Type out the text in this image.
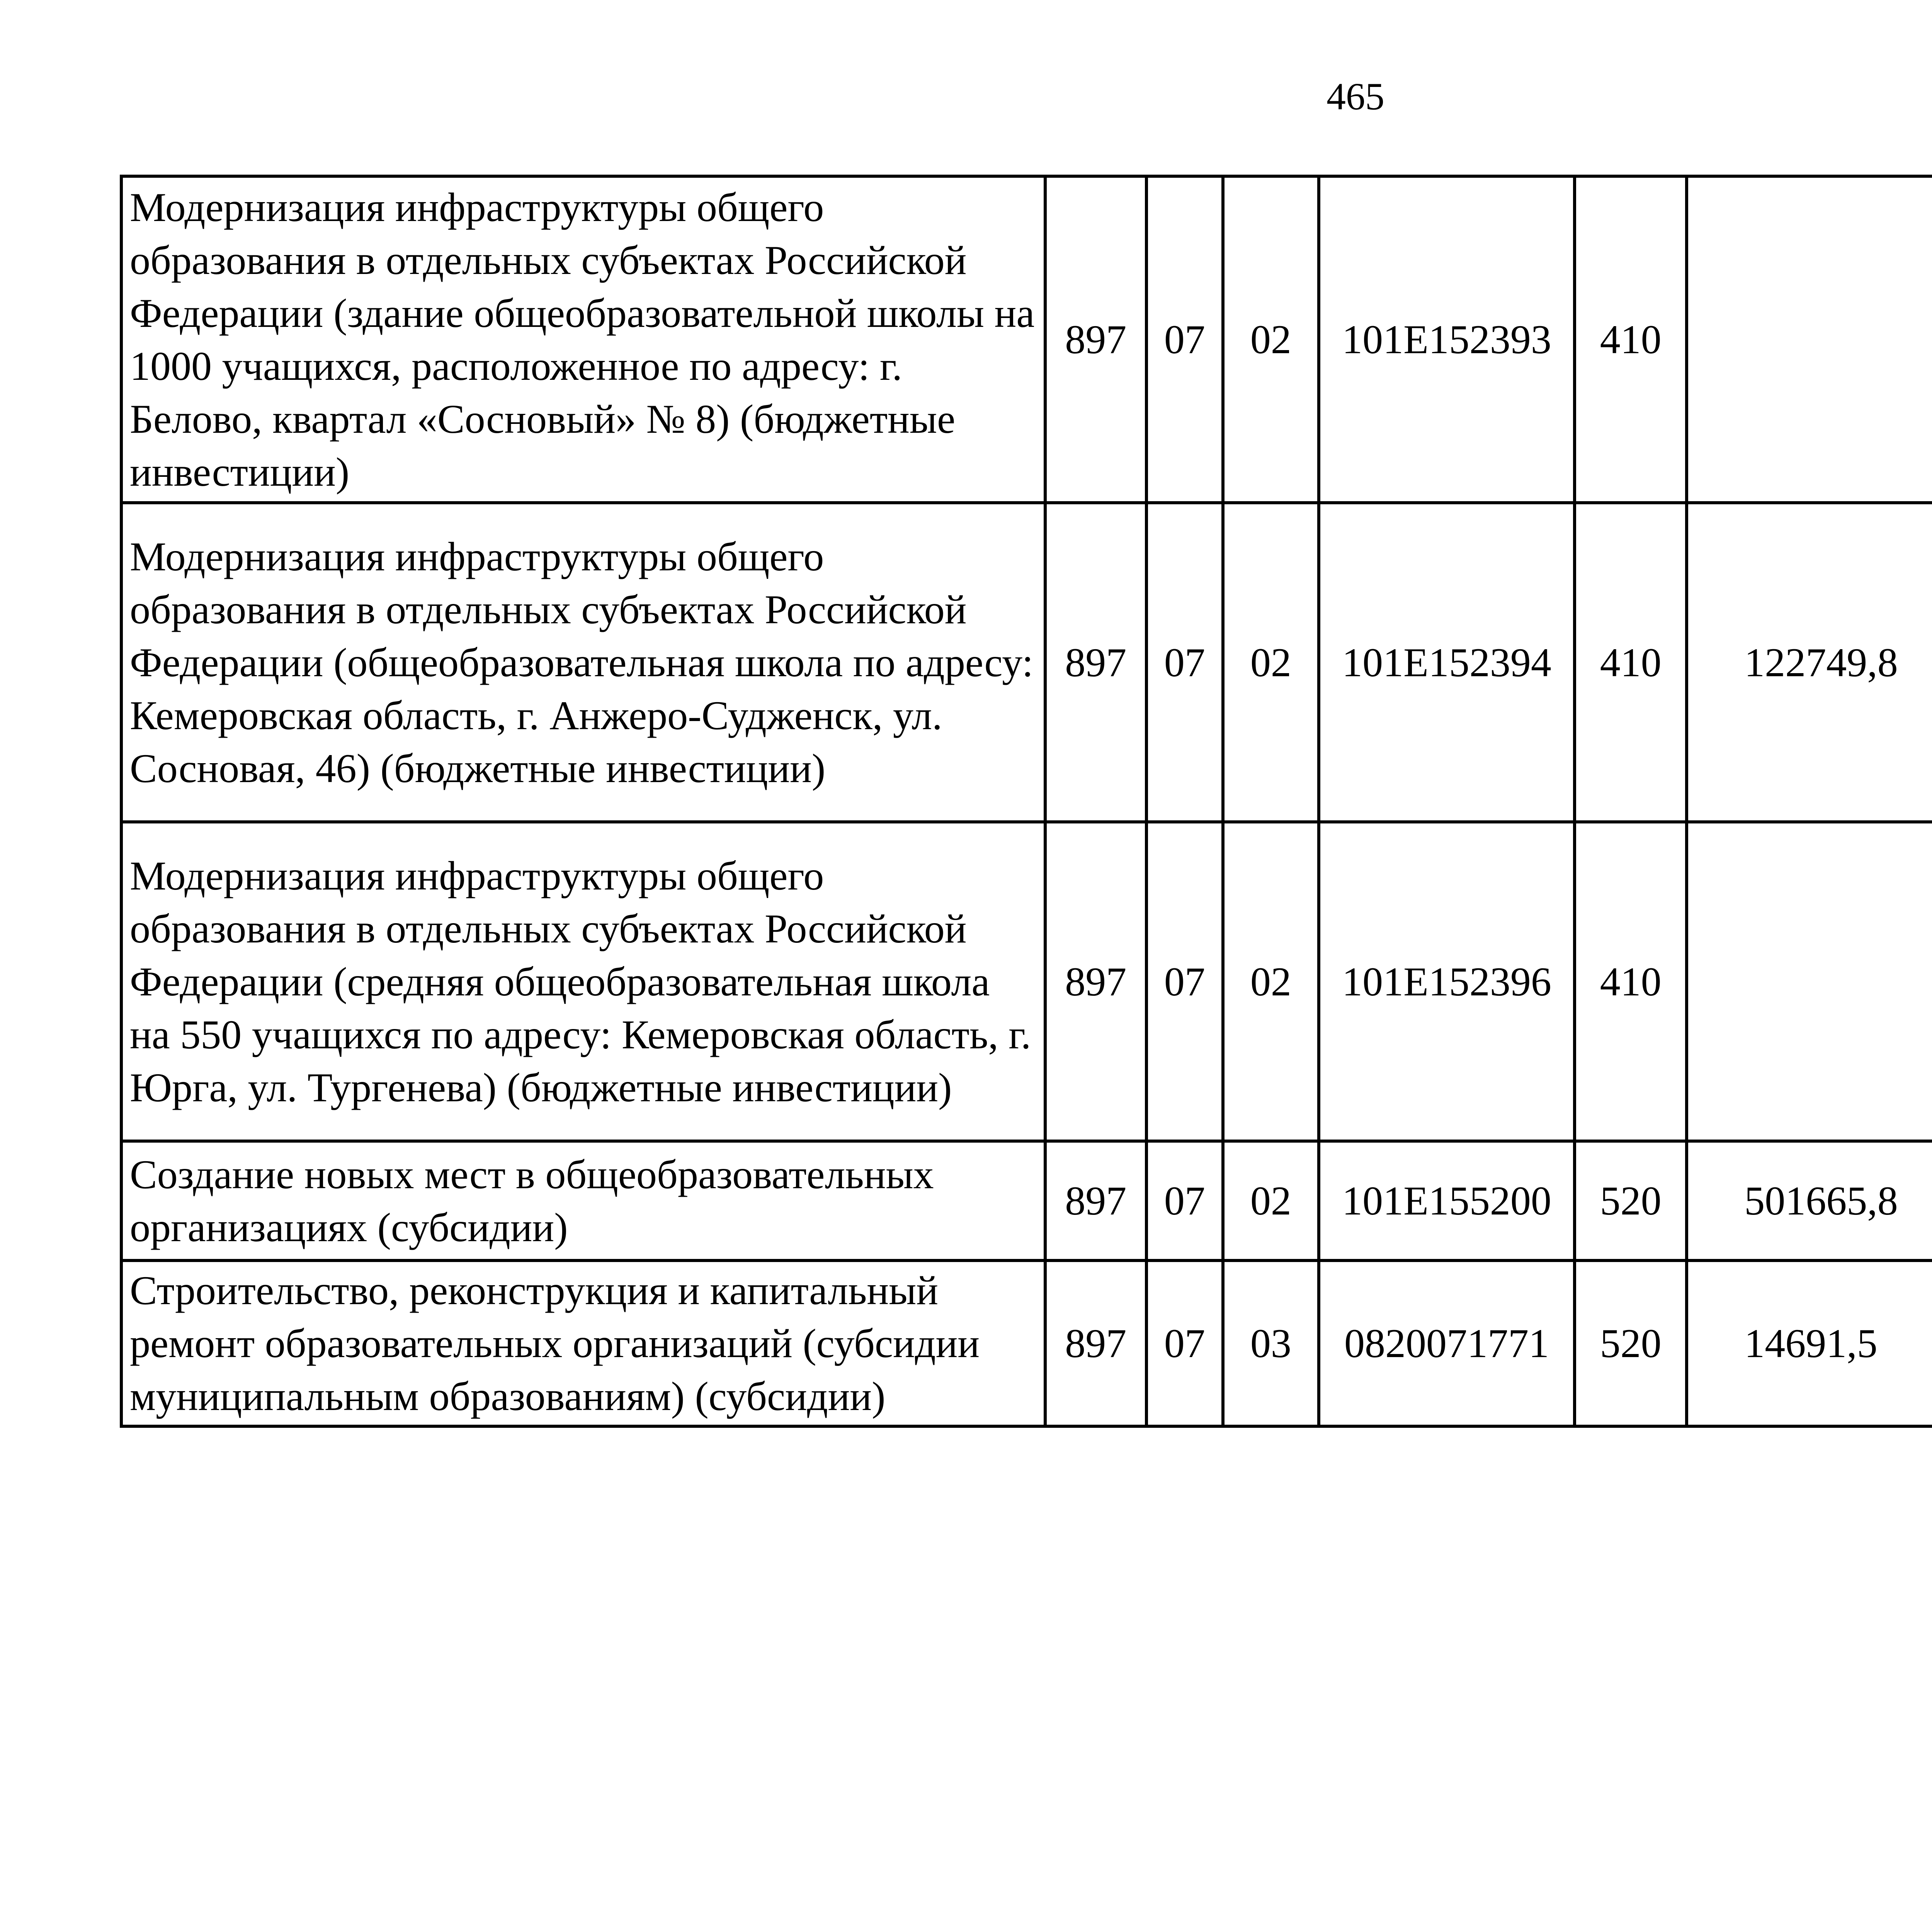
465
Модернизация инфраструктуры общего образования в отдельных субъектах Российской Федерации (здание общеобразовательной школы на 1000 учащихся, расположенное по адресу: г. Белово, квартал «Сосновый» № 8) (бюджетные инвестиции)	897	07	02	101E152393	410			
Модернизация инфраструктуры общего образования в отдельных субъектах Российской Федерации (общеобразовательная школа по адресу: Кемеровская область, г. Анжеро-Судженск, ул. Сосновая, 46) (бюджетные инвестиции)	897	07	02	101E152394	410	122749,8		
Модернизация инфраструктуры общего образования в отдельных субъектах Российской Федерации (средняя общеобразовательная школа на 550 учащихся по адресу: Кемеровская область, г. Юрга, ул. Тургенева) (бюджетные инвестиции)	897	07	02	101E152396	410			
Создание новых мест в общеобразовательных организациях (субсидии)	897	07	02	101E155200	520	501665,8		
Строительство, реконструкция и капитальный ремонт образовательных организаций (субсидии муниципальным образованиям) (субсидии)	897	07	03	0820071771	520	14691,5		
